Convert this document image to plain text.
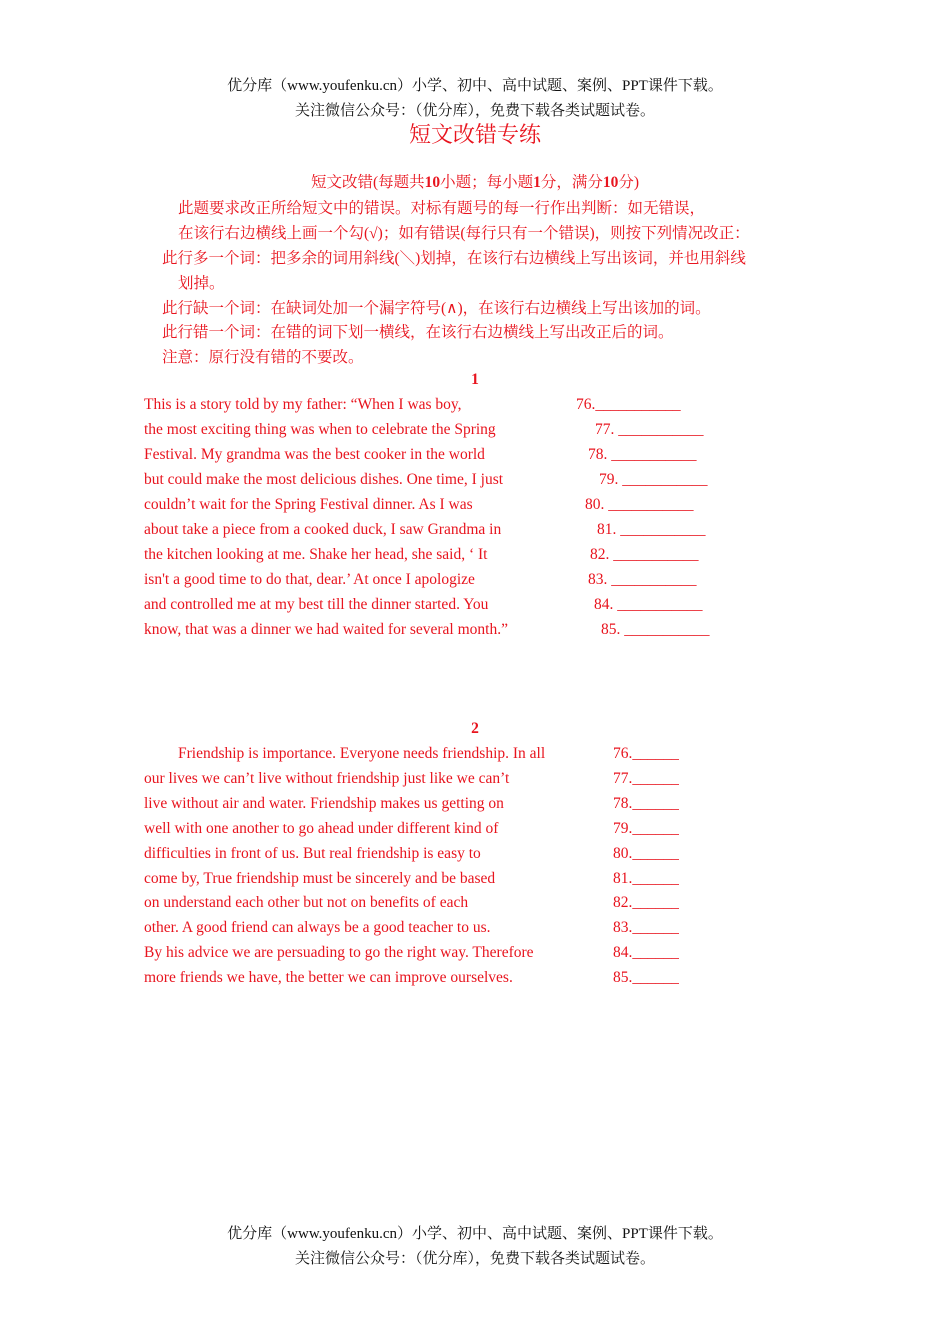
优分库（www.youfenku.cn）小学、初中、高中试题、案例、PPT课件下载。
关注微信公众号：（优分库），免费下载各类试题试卷。
短文改错专练
短文改错(每题共10小题；每小题1分，满分10分)
此题要求改正所给短文中的错误。对标有题号的每一行作出判断：如无错误，
在该行右边横线上画一个勾(√)；如有错误(每行只有一个错误)，则按下列情况改正：
此行多一个词：把多余的词用斜线(＼)划掉，在该行右边横线上写出该词，并也用斜线
划掉。
此行缺一个词：在缺词处加一个漏字符号(∧)，在该行右边横线上写出该加的词。
此行错一个词：在错的词下划一横线，在该行右边横线上写出改正后的词。
注意：原行没有错的不要改。
1
This is a story told by my father: “When I was boy,	76.___________
the most exciting thing was when to celebrate the Spring	77. ___________
Festival. My grandma was the best cooker in the world	78. ___________
but could make the most delicious dishes. One time, I just	79. ___________
couldn’t wait for the Spring Festival dinner. As I was	80. ___________
about take a piece from a cooked duck, I saw Grandma in	81. ___________
the kitchen looking at me. Shake her head, she said, ‘ It	82. ___________
isn't a good time to do that, dear.’ At once I apologize	83. ___________
and controlled me at my best till the dinner started. You	84. ___________
know, that was a dinner we had waited for several month.”	85. ___________
2
Friendship is importance. Everyone needs friendship. In all	76.______
our lives we can’t live without friendship just like we can’t	77.______
live without air and water. Friendship makes us getting on	78.______
well with one another to go ahead under different kind of	79.______
difficulties in front of us. But real friendship is easy to	80.______
come by, True friendship must be sincerely and be based	81.______
on understand each other but not on benefits of each	82.______
other. A good friend can always be a good teacher to us.	83.______
By his advice we are persuading to go the right way. Therefore	84.______
more friends we have, the better we can improve ourselves.	85.______
优分库（www.youfenku.cn）小学、初中、高中试题、案例、PPT课件下载。
关注微信公众号：（优分库），免费下载各类试题试卷。
